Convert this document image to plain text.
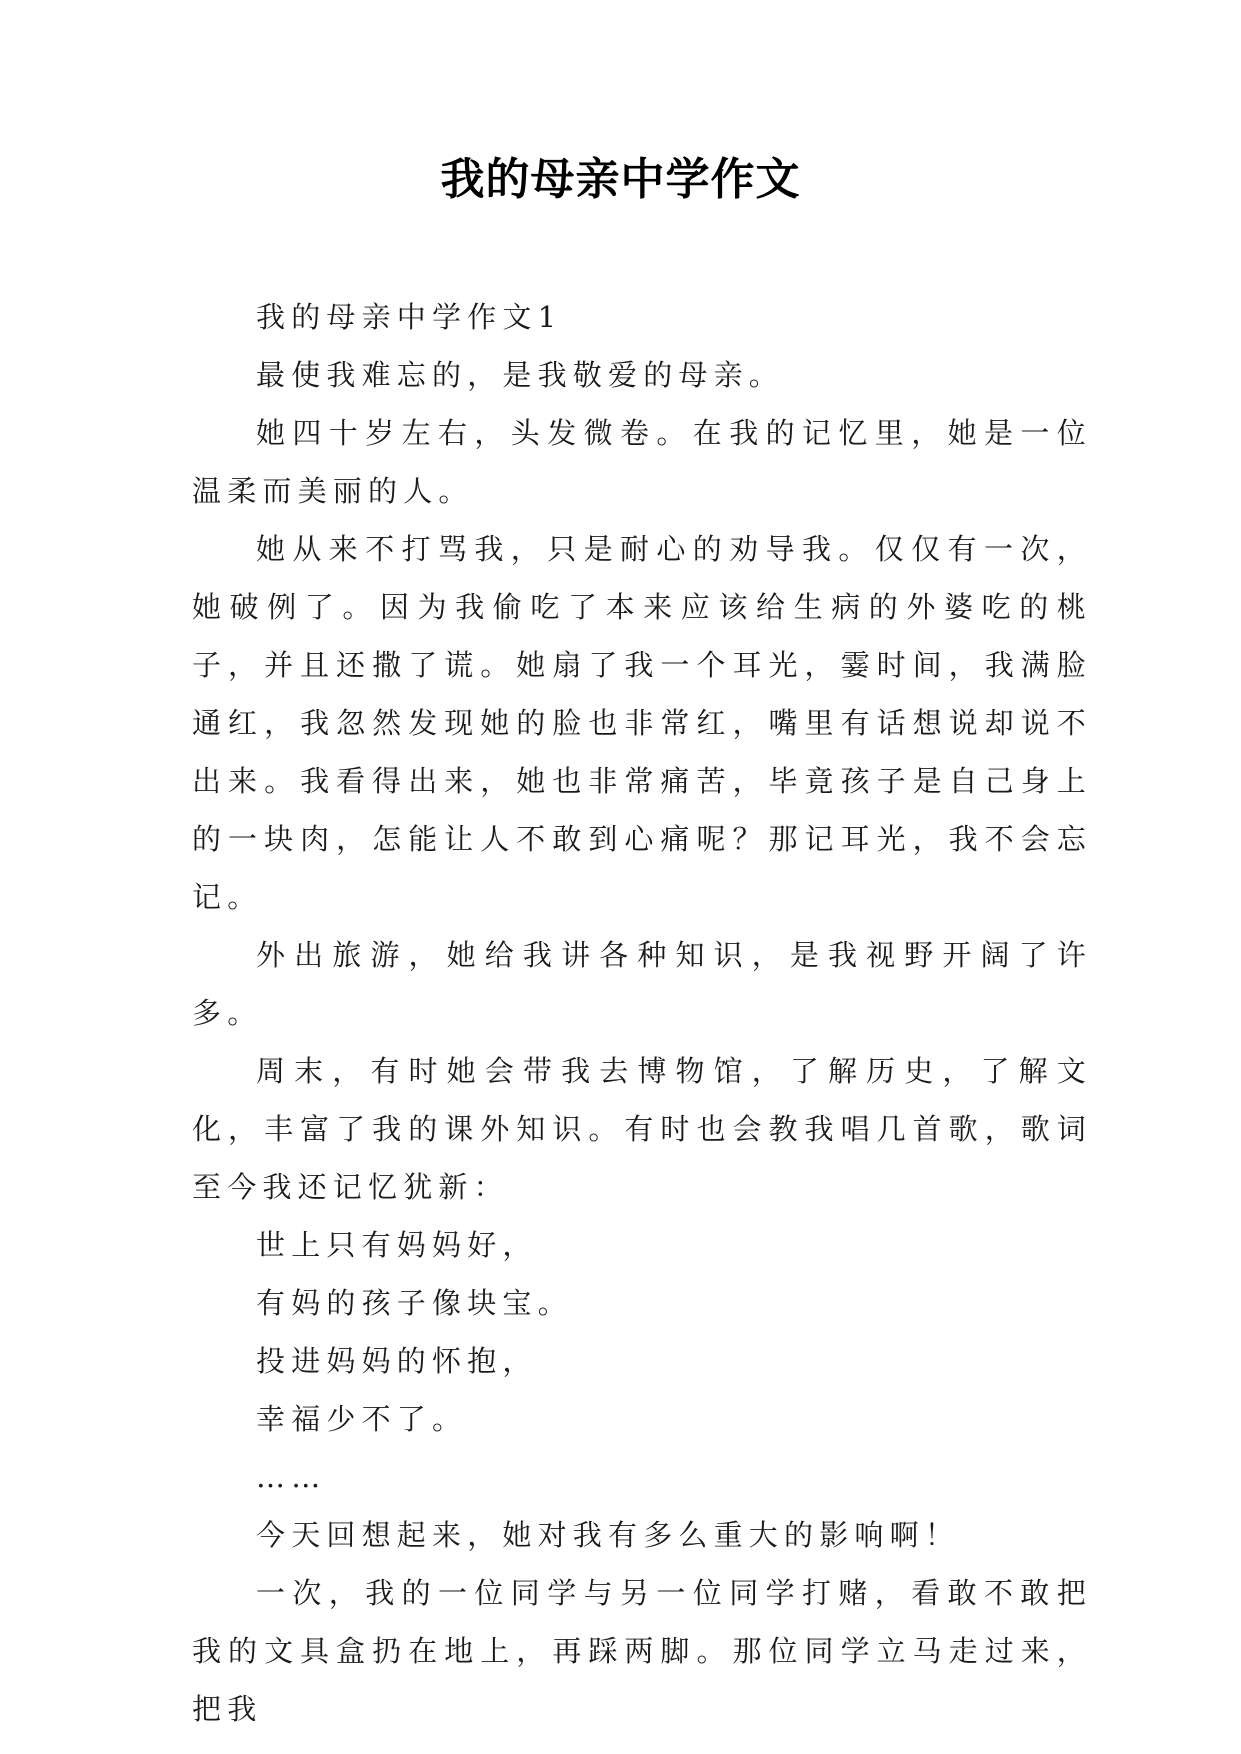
我的母亲中学作文

我的母亲中学作文1

最使我难忘的，是我敬爱的母亲。

她四十岁左右，头发微卷。在我的记忆里，她是一位温柔而美丽的人。

她从来不打骂我，只是耐心的劝导我。仅仅有一次，她破例了。因为我偷吃了本来应该给生病的外婆吃的桃子，并且还撒了谎。她扇了我一个耳光，霎时间，我满脸通红，我忽然发现她的脸也非常红，嘴里有话想说却说不出来。我看得出来，她也非常痛苦，毕竟孩子是自己身上的一块肉，怎能让人不敢到心痛呢？那记耳光，我不会忘记。

外出旅游，她给我讲各种知识，是我视野开阔了许多。

周末，有时她会带我去博物馆，了解历史，了解文化，丰富了我的课外知识。有时也会教我唱几首歌，歌词至今我还记忆犹新：

世上只有妈妈好，

有妈的孩子像块宝。

投进妈妈的怀抱，

幸福少不了。

……

今天回想起来，她对我有多么重大的影响啊！

一次，我的一位同学与另一位同学打赌，看敢不敢把我的文具盒扔在地上，再踩两脚。那位同学立马走过来，把我
